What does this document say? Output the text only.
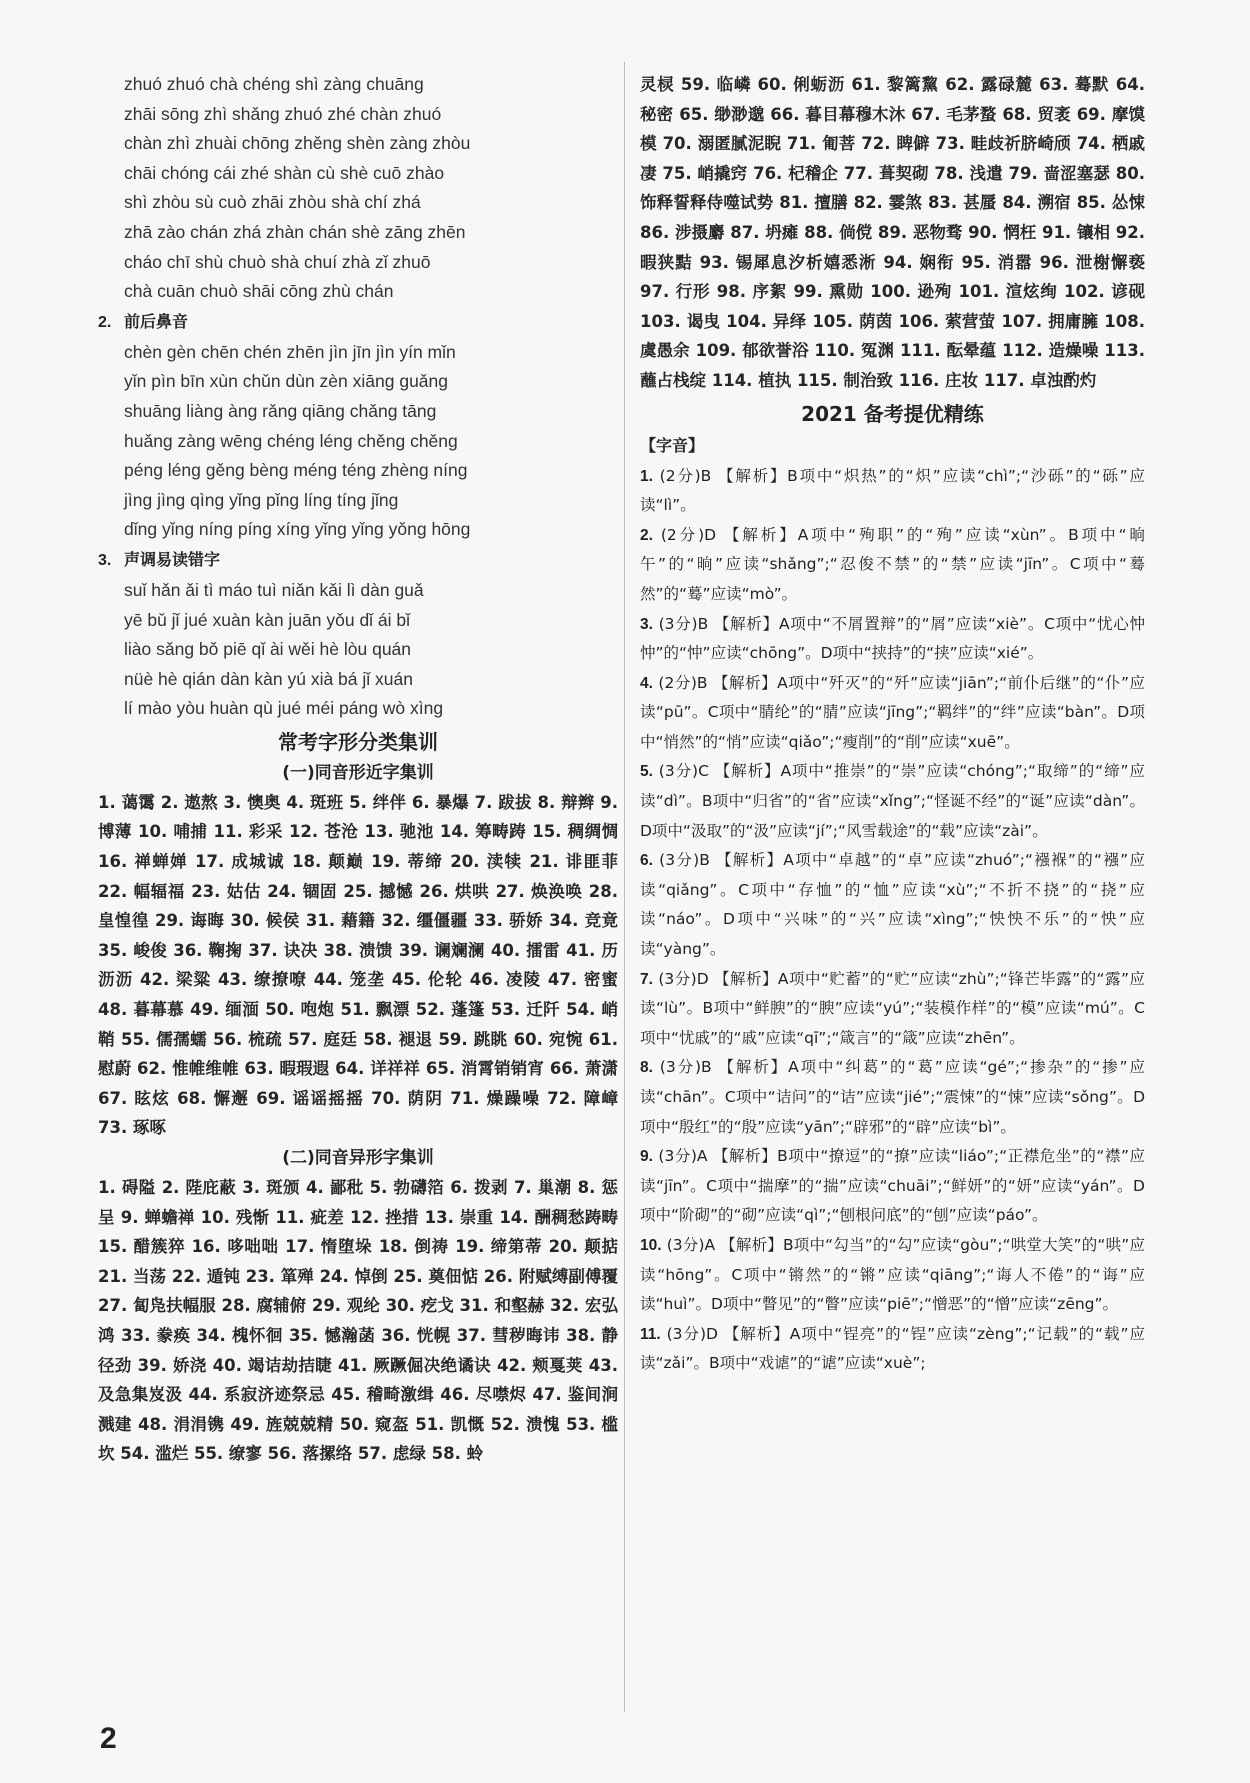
zhuó zhuó chà chéng shì zàng chuāng
zhāi sōng zhì shǎng zhuó zhé chàn zhuó
chàn zhì zhuài chōng zhěng shèn zàng zhòu
chāi chóng cái zhé shàn cù shè cuō zhào
shì zhòu sù cuò zhāi zhòu shà chí zhá
zhā zào chán zhá zhàn chán shè zāng zhēn
cháo chī shù chuò shà chuí zhà zǐ zhuō
chà cuān chuò shāi cōng zhù chán
2. 前后鼻音
chèn gèn chēn chén zhēn jìn jīn jìn yín mǐn
yǐn pìn bīn xùn chǔn dùn zèn xiāng guǎng
shuāng liàng àng rǎng qiāng chǎng tāng
huǎng zàng wēng chéng léng chěng chěng
péng léng gěng bèng méng téng zhèng níng
jìng jìng qìng yǐng pǐng líng tíng jǐng
dǐng yǐng níng píng xíng yǐng yǐng yǒng hōng
3. 声调易读错字
suǐ hǎn ǎi tì máo tuì niǎn kǎi lì dàn guǎ
yē bǔ jǐ jué xuàn kàn juān yǒu dǐ ái bǐ
liào sǎng bǒ piē qǐ ài wěi hè lòu quán
nüè hè qián dàn kàn yú xià bá jǐ xuán
lí mào yòu huàn qù jué méi páng wò xìng
常考字形分类集训
(一)同音形近字集训
1. 蔼霭 2. 遨熬 3. 懊奥 4. 斑班 5. 绊伴 6. 暴爆 7. 跋拔 8. 辩辫 9. 博薄 10. 哺捕 11. 彩采 12. 苍沧 13. 驰池 14. 筹畴踌 15. 稠绸惆 16. 禅蝉婵 17. 成城诚 18. 颠巅 19. 蒂缔 20. 渎犊 21. 诽匪菲 22. 幅辐福 23. 姑估 24. 锢固 25. 撼憾 26. 烘哄 27. 焕涣唤 28. 皇惶徨 29. 诲晦 30. 候侯 31. 藉籍 32. 缰僵疆 33. 骄娇 34. 竞竟 35. 峻俊 36. 鞠掬 37. 诀决 38. 溃馈 39. 谰斓澜 40. 擂雷 41. 历沥沥 42. 梁粱 43. 缭撩嘹 44. 笼垄 45. 伦轮 46. 凌陵 47. 密蜜 48. 暮幕慕 49. 缅湎 50. 咆炮 51. 飘漂 52. 蓬篷 53. 迁阡 54. 峭鞘 55. 儒孺蠕 56. 梳疏 57. 庭廷 58. 褪退 59. 跳眺 60. 宛惋 61. 慰蔚 62. 惟帷维帷 63. 暇瑕遐 64. 详祥祥 65. 消霄销销宵 66. 萧潇 67. 眩炫 68. 懈邂 69. 谣谣摇摇 70. 荫阴 71. 燥躁噪 72. 障嶂 73. 琢啄
(二)同音异形字集训
1. 碍隘 2. 陛庇蔽 3. 斑颁 4. 鄙秕 5. 勃礴箔 6. 拨剥 7. 巢潮 8. 惩呈 9. 蝉蟾禅 10. 残惭 11. 疵差 12. 挫措 13. 崇重 14. 酬稠愁踌畴 15. 醋簇猝 16. 哆咄咄 17. 惰堕垛 18. 倒祷 19. 缔第蒂 20. 颠掂 21. 当荡 22. 遁钝 23. 箪殚 24. 悼倒 25. 奠佃惦 26. 附赋缚副傅覆 27. 匐凫扶幅服 28. 腐辅俯 29. 观纶 30. 疙戈 31. 和壑赫 32. 宏弘鸿 33. 豢痪 34. 槐怀徊 35. 憾瀚菡 36. 恍幌 37. 彗秽晦讳 38. 静径劲 39. 娇浇 40. 竭诘劫拮睫 41. 厥蹶倔决绝谲诀 42. 颊戛荚 43. 及急集岌汲 44. 系寂济迹祭忌 45. 稽畸激缉 46. 尽噤烬 47. 鉴间涧溅建 48. 涓涓镌 49. 旌兢兢精 50. 窥盔 51. 凯慨 52. 溃愧 53. 槛坎 54. 滥烂 55. 缭寥 56. 落摞络 57. 虑绿 58. 蛉
灵棂 59. 临嶙 60. 俐蛎沥 61. 黎篱黧 62. 露碌麓 63. 蓦默 64. 秘密 65. 缈渺邈 66. 暮目幕穆木沐 67. 毛茅蝥 68. 贸袤 69. 摩馍模 70. 溺匿腻泥睨 71. 匍菩 72. 睥僻 73. 畦歧祈脐崎颀 74. 栖戚凄 75. 峭撬窍 76. 杞稽企 77. 葺契砌 78. 浅遣 79. 啬涩塞瑟 80. 饰释誓释侍噬试势 81. 擅膳 82. 霎煞 83. 甚蜃 84. 溯宿 85. 怂悚 86. 涉摄麝 87. 坍瘫 88. 倘傥 89. 恶物骛 90. 惘枉 91. 镶相 92. 暇狭黠 93. 锡犀息汐析嬉悉淅 94. 娴衔 95. 消嚣 96. 泄榭懈亵 97. 行形 98. 序絮 99. 熏勋 100. 逊殉 101. 渲炫绚 102. 谚砚 103. 谒曳 104. 异绎 105. 荫茵 106. 萦营萤 107. 拥庸臃 108. 虞愚余 109. 郁欲誉浴 110. 冤渊 111. 酝晕蕴 112. 造燥噪 113. 蘸占栈绽 114. 植执 115. 制治致 116. 庄妆 117. 卓浊酌灼
2021 备考提优精练
【字音】
1. (2分)B 【解析】B项中“炽热”的“炽”应读“chì”;“沙砾”的“砾”应读“lì”。
2. (2分)D 【解析】A项中“殉职”的“殉”应读“xùn”。B项中“晌午”的“晌”应读“shǎng”;“忍俊不禁”的“禁”应读“jīn”。C项中“蓦然”的“蓦”应读“mò”。
3. (3分)B 【解析】A项中“不屑置辩”的“屑”应读“xiè”。C项中“忧心忡忡”的“忡”应读“chōng”。D项中“挟持”的“挟”应读“xié”。
4. (2分)B 【解析】A项中“歼灭”的“歼”应读“jiān”;“前仆后继”的“仆”应读“pū”。C项中“腈纶”的“腈”应读“jīng”;“羁绊”的“绊”应读“bàn”。D项中“悄然”的“悄”应读“qiǎo”;“瘦削”的“削”应读“xuē”。
5. (3分)C 【解析】A项中“推崇”的“崇”应读“chóng”;“取缔”的“缔”应读“dì”。B项中“归省”的“省”应读“xǐng”;“怪诞不经”的“诞”应读“dàn”。D项中“汲取”的“汲”应读“jí”;“风雪载途”的“载”应读“zài”。
6. (3分)B 【解析】A项中“卓越”的“卓”应读“zhuó”;“襁褓”的“襁”应读“qiǎng”。C项中“存恤”的“恤”应读“xù”;“不折不挠”的“挠”应读“náo”。D项中“兴味”的“兴”应读“xìng”;“怏怏不乐”的“怏”应读“yàng”。
7. (3分)D 【解析】A项中“贮蓄”的“贮”应读“zhù”;“锋芒毕露”的“露”应读“lù”。B项中“鲜腴”的“腴”应读“yú”;“装模作样”的“模”应读“mú”。C项中“忧戚”的“戚”应读“qī”;“箴言”的“箴”应读“zhēn”。
8. (3分)B 【解析】A项中“纠葛”的“葛”应读“gé”;“掺杂”的“掺”应读“chān”。C项中“诘问”的“诘”应读“jié”;“震悚”的“悚”应读“sǒng”。D项中“殷红”的“殷”应读“yān”;“辟邪”的“辟”应读“bì”。
9. (3分)A 【解析】B项中“撩逗”的“撩”应读“liáo”;“正襟危坐”的“襟”应读“jīn”。C项中“揣摩”的“揣”应读“chuāi”;“鲜妍”的“妍”应读“yán”。D项中“阶砌”的“砌”应读“qì”;“刨根问底”的“刨”应读“páo”。
10. (3分)A 【解析】B项中“勾当”的“勾”应读“gòu”;“哄堂大笑”的“哄”应读“hōng”。C项中“锵然”的“锵”应读“qiāng”;“诲人不倦”的“诲”应读“huì”。D项中“瞥见”的“瞥”应读“piē”;“憎恶”的“憎”应读“zēng”。
11. (3分)D 【解析】A项中“锃亮”的“锃”应读“zèng”;“记载”的“载”应读“zǎi”。B项中“戏谑”的“谑”应读“xuè”;
2
